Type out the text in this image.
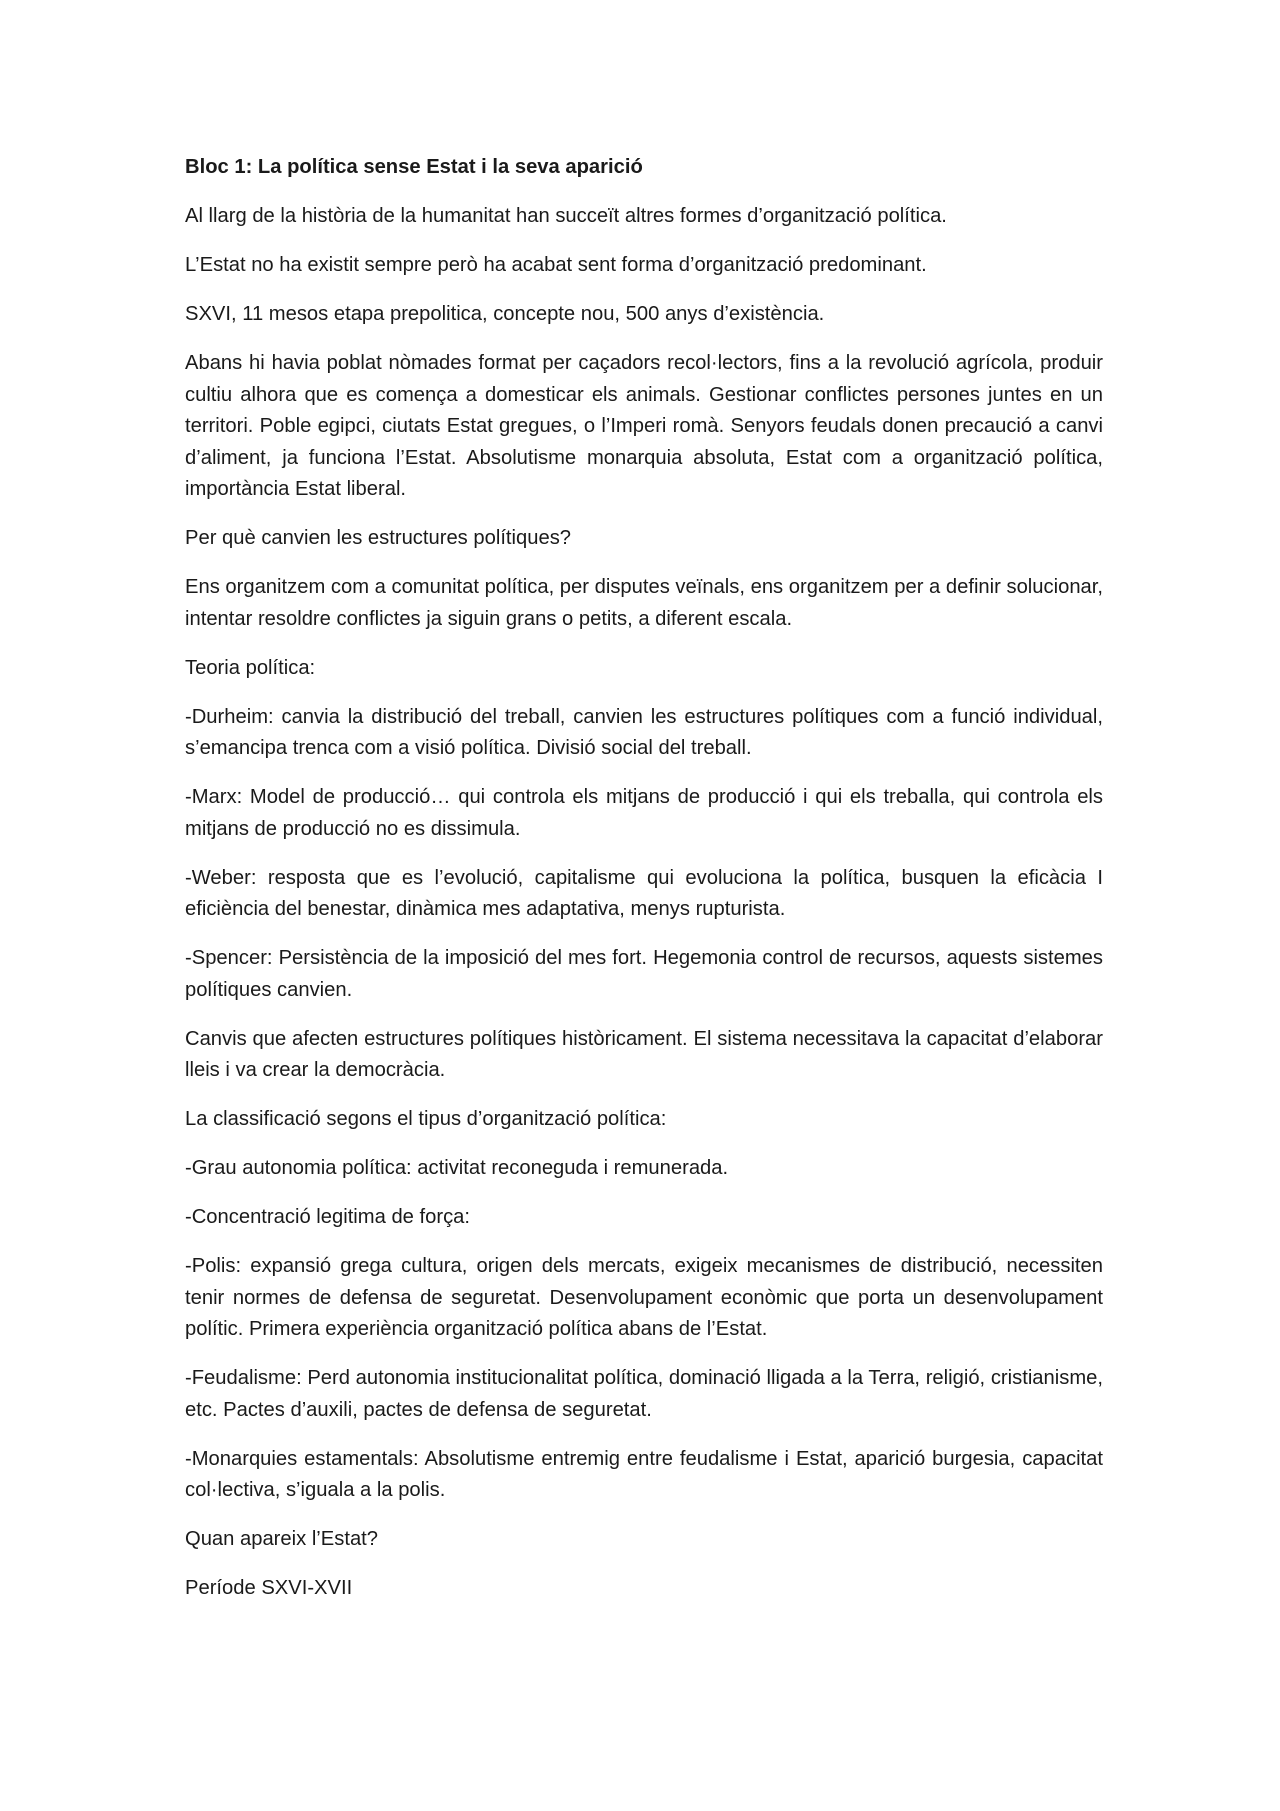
Bloc 1: La política sense Estat i la seva aparició

Al llarg de la història de la humanitat han succeït altres formes d’organització política.

L’Estat no ha existit sempre però ha acabat sent forma d’organització predominant.

SXVI, 11 mesos etapa prepolitica, concepte nou, 500 anys d’existència.

Abans hi havia poblat nòmades format per caçadors recol·lectors, fins a la revolució agrícola, produir cultiu alhora que es comença a domesticar els animals. Gestionar conflictes persones juntes en un territori. Poble egipci, ciutats Estat gregues, o l’Imperi romà. Senyors feudals donen precaució a canvi d’aliment, ja funciona l’Estat. Absolutisme monarquia absoluta, Estat com a organització política, importància Estat liberal.

Per què canvien les estructures polítiques?

Ens organitzem com a comunitat política, per disputes veïnals, ens organitzem per a definir solucionar, intentar resoldre conflictes ja siguin grans o petits, a diferent escala.

Teoria política:

-Durheim: canvia la distribució del treball, canvien les estructures polítiques com a funció individual, s’emancipa trenca com a visió política. Divisió social del treball.

-Marx: Model de producció… qui controla els mitjans de producció i qui els treballa, qui controla els mitjans de producció no es dissimula.

-Weber: resposta que es l’evolució, capitalisme qui evoluciona la política, busquen la eficàcia I eficiència del benestar, dinàmica mes adaptativa, menys rupturista.

-Spencer: Persistència de la imposició del mes fort. Hegemonia control de recursos, aquests sistemes polítiques canvien.

Canvis que afecten estructures polítiques històricament. El sistema necessitava la capacitat d’elaborar lleis i va crear la democràcia.

La classificació segons el tipus d’organització política:

-Grau autonomia política: activitat reconeguda i remunerada.

-Concentració legitima de força:

-Polis: expansió grega cultura, origen dels mercats, exigeix mecanismes de distribució, necessiten tenir normes de defensa de seguretat. Desenvolupament econòmic que porta un desenvolupament polític. Primera experiència organització política abans de l’Estat.

-Feudalisme: Perd autonomia institucionalitat política, dominació lligada a la Terra, religió, cristianisme, etc. Pactes d’auxili, pactes de defensa de seguretat.

-Monarquies estamentals: Absolutisme entremig entre feudalisme i Estat, aparició burgesia, capacitat col·lectiva, s’iguala a la polis.

Quan apareix l’Estat?

Període SXVI-XVII
